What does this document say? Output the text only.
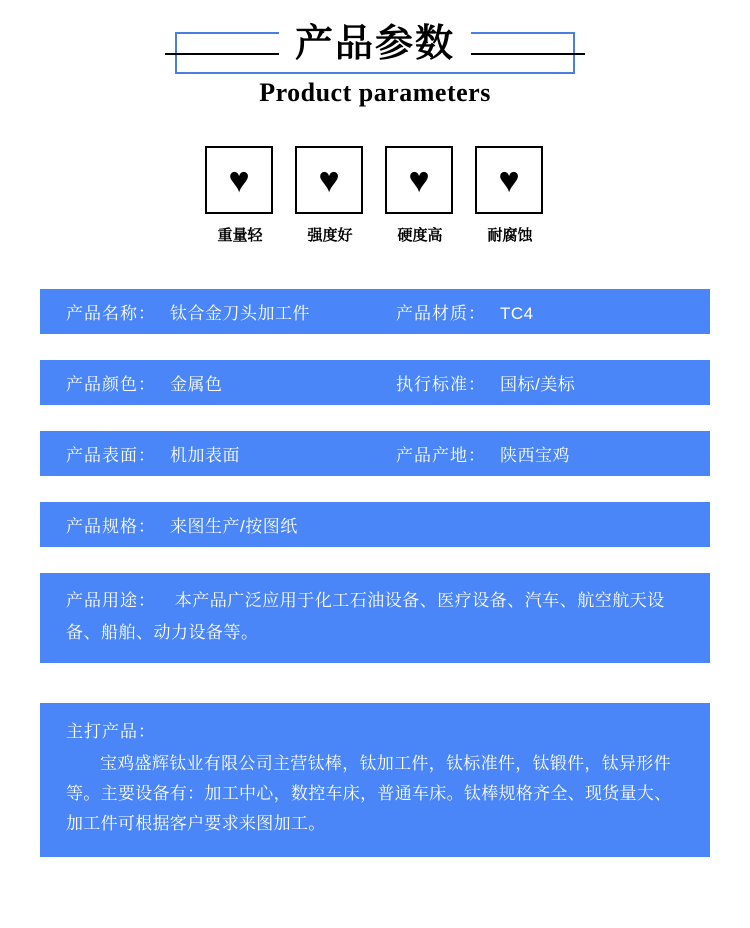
产品参数
Product parameters
♥
重量轻
♥
强度好
♥
硬度高
♥
耐腐蚀
产品名称： 钛合金刀头加工件	产品材质： TC4
产品颜色： 金属色	执行标准： 国标/美标
产品表面： 机加表面	产品产地： 陕西宝鸡
产品规格： 来图生产/按图纸
产品用途： 本产品广泛应用于化工石油设备、医疗设备、汽车、航空航天设备、船舶、动力设备等。
主打产品：
宝鸡盛辉钛业有限公司主营钛棒，钛加工件，钛标准件，钛锻件，钛异形件等。主要设备有：加工中心，数控车床，普通车床。钛棒规格齐全、现货量大、加工件可根据客户要求来图加工。
